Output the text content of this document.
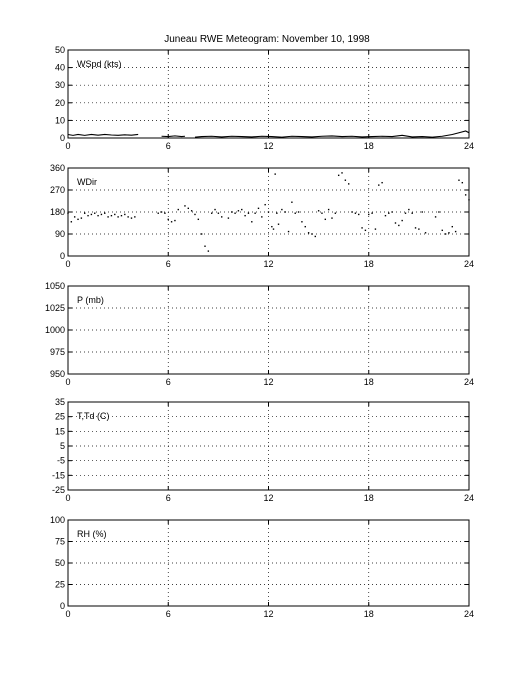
Juneau RWE Meteogram: November 10, 1998
0	6	12	18	24
0
10
20
30
40
50
WSpd (kts)
0	6	12	18	24
0
90
180
270
360
WDir
0	6	12	18	24
950
975
1000
1025
1050
P (mb)
0	6	12	18	24
-25
-15
-5
5
15
25
35
T,Td (C)
0	6	12	18	24
0
25
50
75
100
RH (%)
